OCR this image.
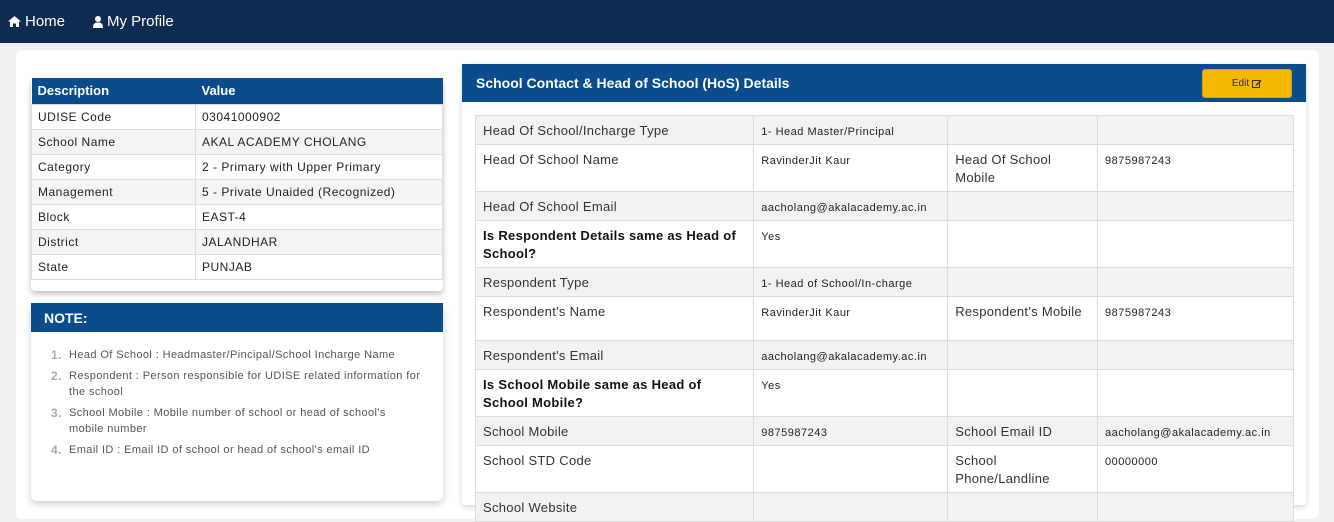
Home	My Profile
Description	Value
UDISE Code	03041000902
School Name	AKAL ACADEMY CHOLANG
Category	2 - Primary with Upper Primary
Management	5 - Private Unaided (Recognized)
Block	EAST-4
District	JALANDHAR
State	PUNJAB
NOTE:
1. Head Of School : Headmaster/Pincipal/School Incharge Name
2. Respondent : Person responsible for UDISE related information for the school
3. School Mobile : Mobile number of school or head of school's mobile number
4. Email ID : Email ID of school or head of school's email ID
School Contact & Head of School (HoS) Details	Edit
Head Of School/Incharge Type	1- Head Master/Principal		
Head Of School Name	RavinderJit Kaur	Head Of School Mobile	9875987243
Head Of School Email	aacholang@akalacademy.ac.in		
Is Respondent Details same as Head of School?	Yes		
Respondent Type	1- Head of School/In-charge		
Respondent's Name	RavinderJit Kaur	Respondent's Mobile	9875987243
Respondent's Email	aacholang@akalacademy.ac.in		
Is School Mobile same as Head of School Mobile?	Yes		
School Mobile	9875987243	School Email ID	aacholang@akalacademy.ac.in
School STD Code		School Phone/Landline	00000000
School Website			
